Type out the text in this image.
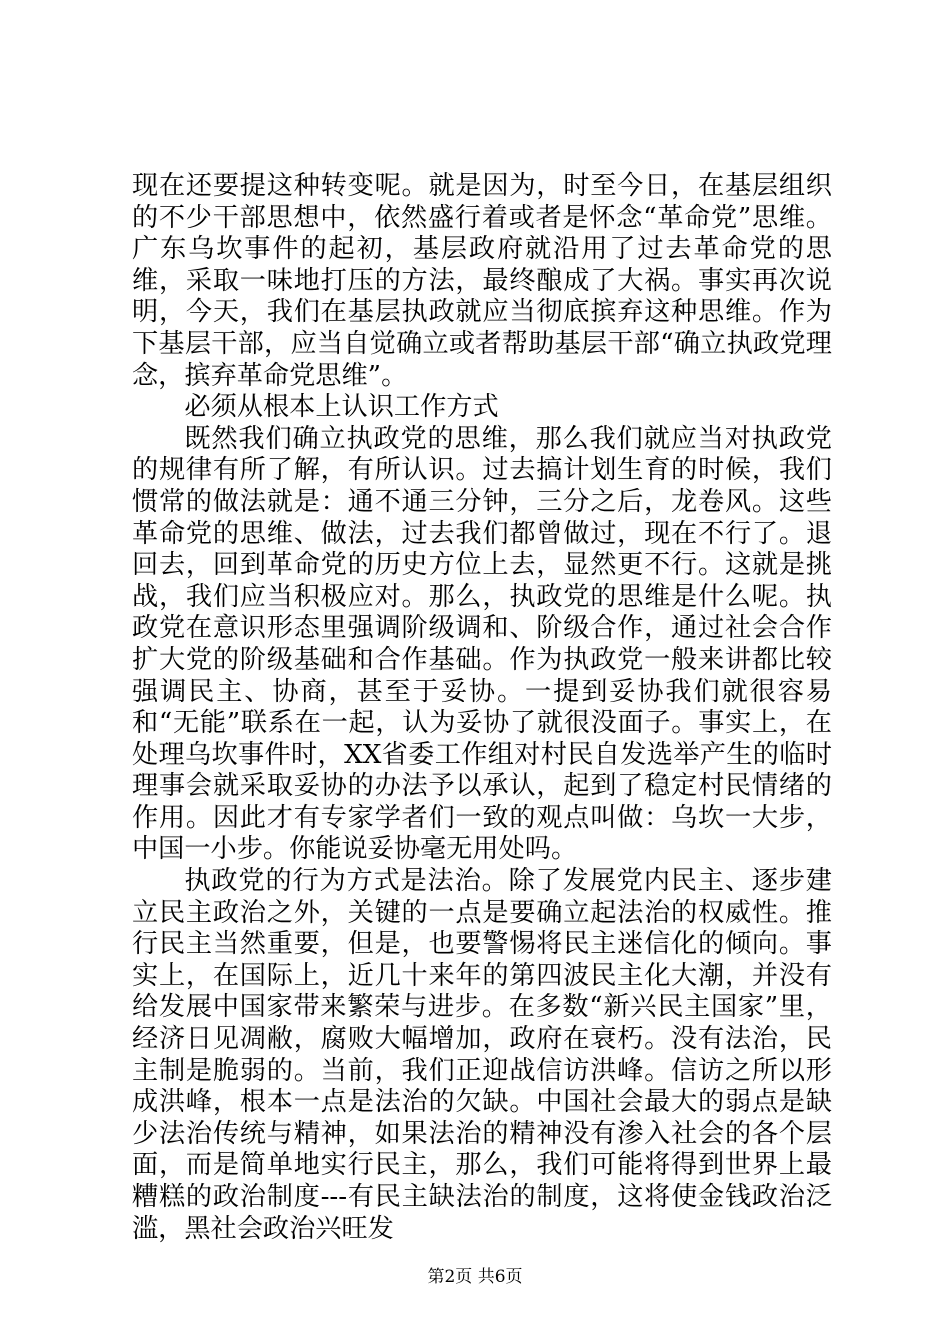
现在还要提这种转变呢。就是因为，时至今日，在基层组织的不少干部思想中，依然盛行着或者是怀念“革命党”思维。广东乌坎事件的起初，基层政府就沿用了过去革命党的思维，采取一味地打压的方法，最终酿成了大祸。事实再次说明，今天，我们在基层执政就应当彻底摈弃这种思维。作为下基层干部，应当自觉确立或者帮助基层干部“确立执政党理念，摈弃革命党思维”。

必须从根本上认识工作方式

既然我们确立执政党的思维，那么我们就应当对执政党的规律有所了解，有所认识。过去搞计划生育的时候，我们惯常的做法就是：通不通三分钟，三分之后，龙卷风。这些革命党的思维、做法，过去我们都曾做过，现在不行了。退回去，回到革命党的历史方位上去，显然更不行。这就是挑战，我们应当积极应对。那么，执政党的思维是什么呢。执政党在意识形态里强调阶级调和、阶级合作，通过社会合作扩大党的阶级基础和合作基础。作为执政党一般来讲都比较强调民主、协商，甚至于妥协。一提到妥协我们就很容易和“无能”联系在一起，认为妥协了就很没面子。事实上，在处理乌坎事件时，XX省委工作组对村民自发选举产生的临时理事会就采取妥协的办法予以承认，起到了稳定村民情绪的作用。因此才有专家学者们一致的观点叫做：乌坎一大步，中国一小步。你能说妥协毫无用处吗。

执政党的行为方式是法治。除了发展党内民主、逐步建立民主政治之外，关键的一点是要确立起法治的权威性。推行民主当然重要，但是，也要警惕将民主迷信化的倾向。事实上，在国际上，近几十来年的第四波民主化大潮，并没有给发展中国家带来繁荣与进步。在多数“新兴民主国家”里，经济日见凋敝，腐败大幅增加，政府在衰朽。没有法治，民主制是脆弱的。当前，我们正迎战信访洪峰。信访之所以形成洪峰，根本一点是法治的欠缺。中国社会最大的弱点是缺少法治传统与精神，如果法治的精神没有渗入社会的各个层面，而是简单地实行民主，那么，我们可能将得到世界上最糟糕的政治制度---有民主缺法治的制度，这将使金钱政治泛滥，黑社会政治兴旺发

第2页 共6页
